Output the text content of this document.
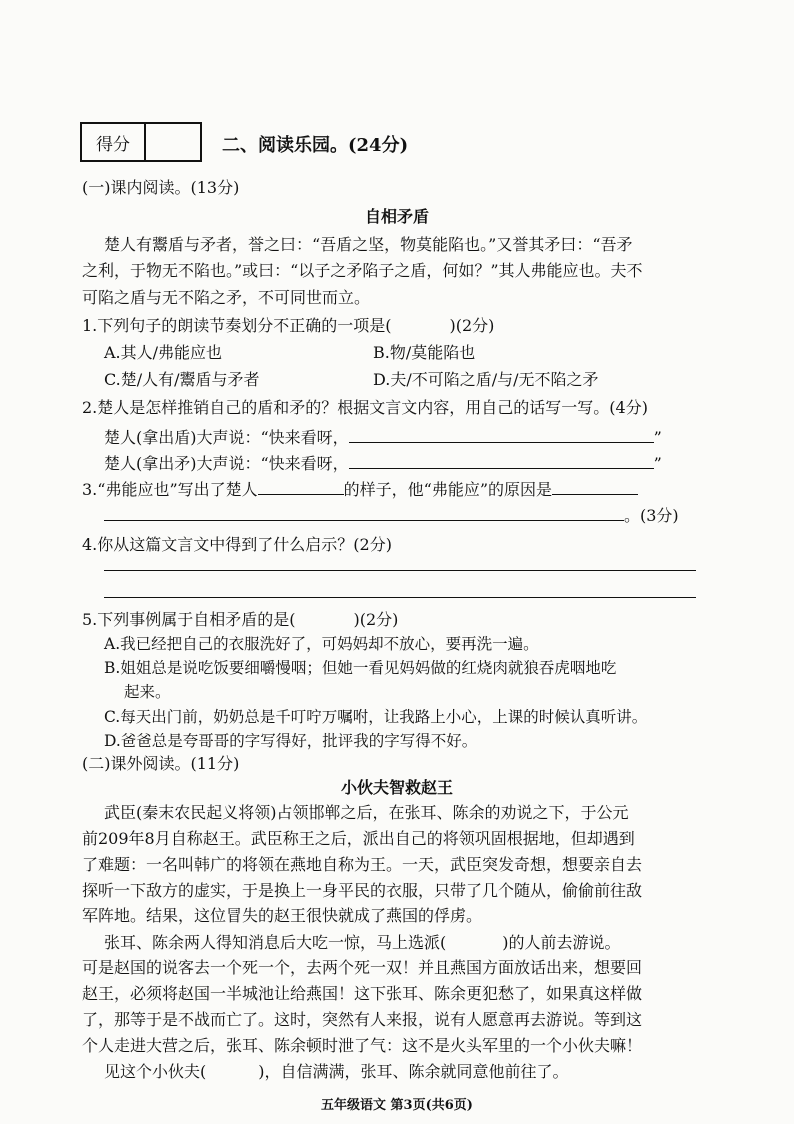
得分	二、阅读乐园。(24分)
(一)课内阅读。(13分)
自相矛盾
楚人有鬻盾与矛者，誉之曰：“吾盾之坚，物莫能陷也。”又誉其矛曰：“吾矛
之利，于物无不陷也。”或曰：“以子之矛陷子之盾，何如？”其人弗能应也。夫不
可陷之盾与无不陷之矛，不可同世而立。
1.下列句子的朗读节奏划分不正确的一项是(	)(2分)
A.其人/弗能应也	B.物/莫能陷也
C.楚/人有/鬻盾与矛者	D.夫/不可陷之盾/与/无不陷之矛
2.楚人是怎样推销自己的盾和矛的？根据文言文内容，用自己的话写一写。(4分)
楚人(拿出盾)大声说：“快来看呀，	”
楚人(拿出矛)大声说：“快来看呀，	”
3.“弗能应也”写出了楚人	的样子，他“弗能应”的原因是
。(3分)
4.你从这篇文言文中得到了什么启示？(2分)
5.下列事例属于自相矛盾的是(	)(2分)
A.我已经把自己的衣服洗好了，可妈妈却不放心，要再洗一遍。
B.姐姐总是说吃饭要细嚼慢咽；但她一看见妈妈做的红烧肉就狼吞虎咽地吃
起来。
C.每天出门前，奶奶总是千叮咛万嘱咐，让我路上小心，上课的时候认真听讲。
D.爸爸总是夸哥哥的字写得好，批评我的字写得不好。
(二)课外阅读。(11分)
小伙夫智救赵王
武臣(秦末农民起义将领)占领邯郸之后，在张耳、陈余的劝说之下，于公元
前209年8月自称赵王。武臣称王之后，派出自己的将领巩固根据地，但却遇到
了难题：一名叫韩广的将领在燕地自称为王。一天，武臣突发奇想，想要亲自去
探听一下敌方的虚实，于是换上一身平民的衣服，只带了几个随从，偷偷前往敌
军阵地。结果，这位冒失的赵王很快就成了燕国的俘虏。
张耳、陈余两人得知消息后大吃一惊，马上选派(	)的人前去游说。
可是赵国的说客去一个死一个，去两个死一双！并且燕国方面放话出来，想要回
赵王，必须将赵国一半城池让给燕国！这下张耳、陈余更犯愁了，如果真这样做
了，那等于是不战而亡了。这时，突然有人来报，说有人愿意再去游说。等到这
个人走进大营之后，张耳、陈余顿时泄了气：这不是火头军里的一个小伙夫嘛！
见这个小伙夫(	)，自信满满，张耳、陈余就同意他前往了。
五年级语文 第3页(共6页)
